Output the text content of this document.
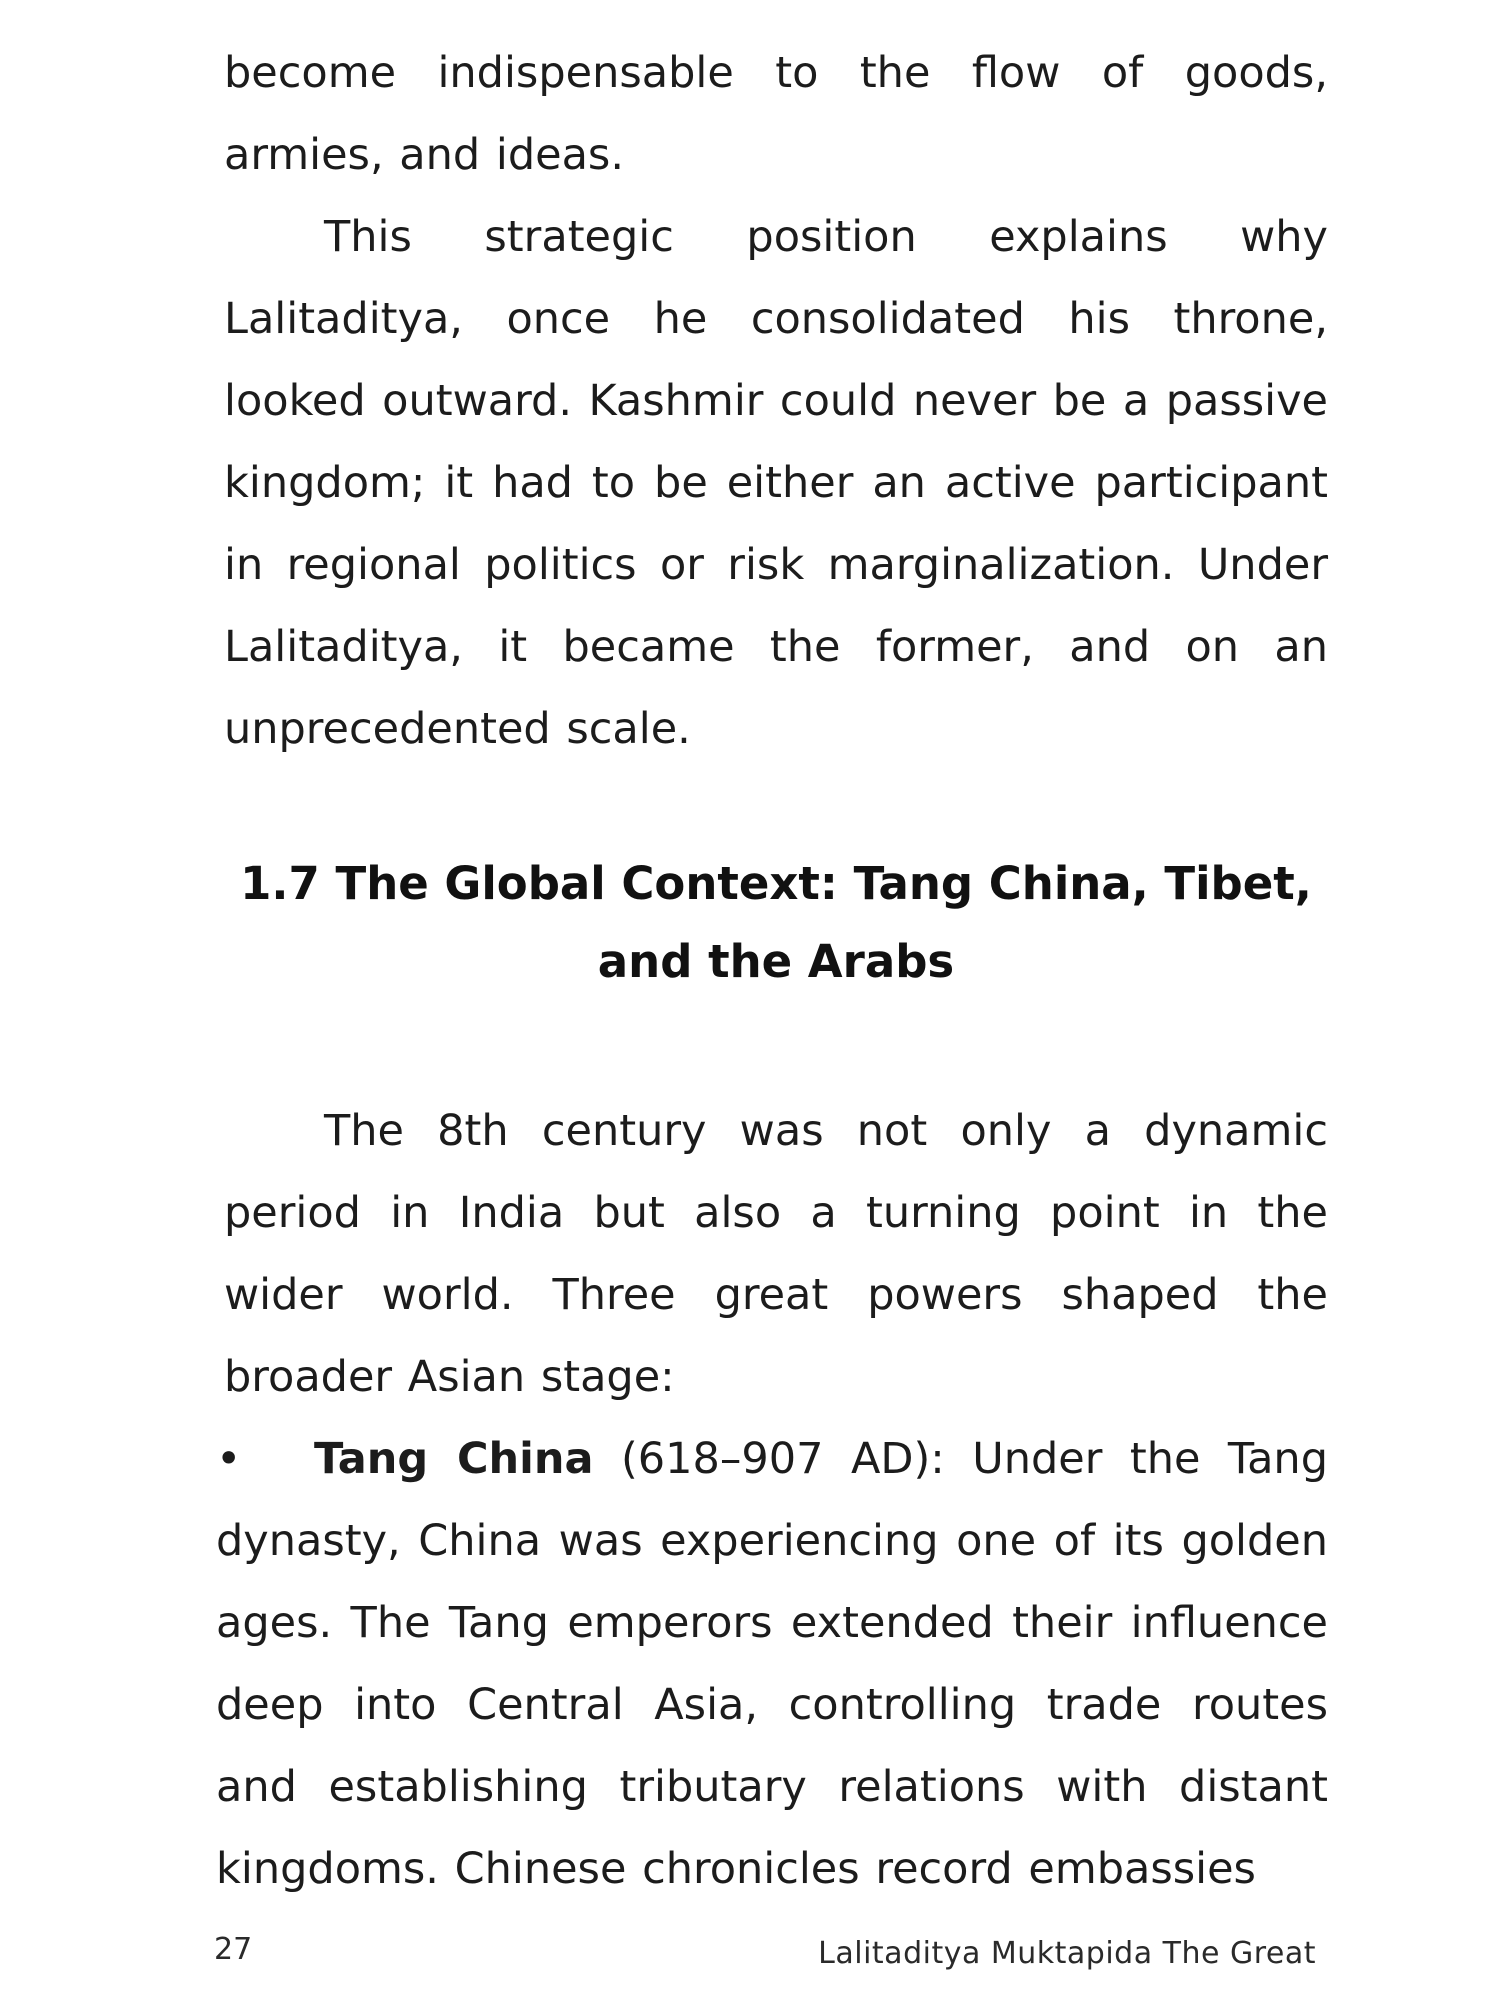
become indispensable to the flow of goods, armies, and ideas.

This strategic position explains why Lalitaditya, once he consolidated his throne, looked outward. Kashmir could never be a passive kingdom; it had to be either an active participant in regional politics or risk marginalization. Under Lalitaditya, it became the former, and on an unprecedented scale.

1.7 The Global Context: Tang China, Tibet, and the Arabs

The 8th century was not only a dynamic period in India but also a turning point in the wider world. Three great powers shaped the broader Asian stage:

• Tang China (618–907 AD): Under the Tang dynasty, China was experiencing one of its golden ages. The Tang emperors extended their influence deep into Central Asia, controlling trade routes and establishing tributary relations with distant kingdoms. Chinese chronicles record embassies

27	Lalitaditya Muktapida The Great
